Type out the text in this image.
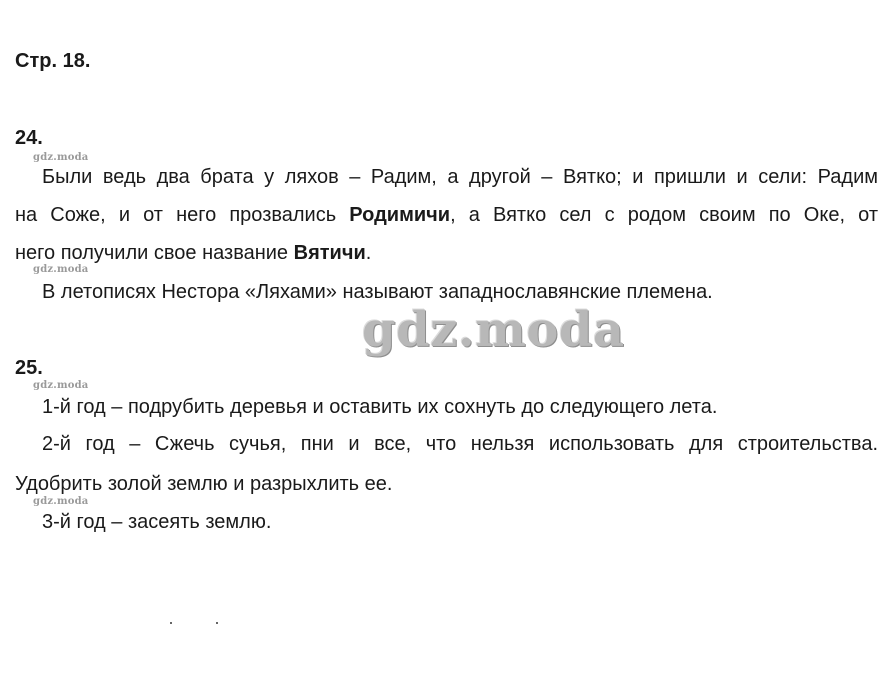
Стр. 18.
24.
gdz.moda
Были ведь два брата у ляхов – Радим, а другой – Вятко; и пришли и сели: Радим
на Соже, и от него прозвались Родимичи, а Вятко сел с родом своим по Оке, от
него получили свое название Вятичи.
gdz.moda
В летописях Нестора «Ляхами» называют западнославянские племена.
gdz.moda
25.
gdz.moda
1-й год – подрубить деревья и оставить их сохнуть до следующего лета.
2-й год – Сжечь сучья, пни и все, что нельзя использовать для строительства.
Удобрить золой землю и разрыхлить ее.
gdz.moda
3-й год – засеять землю.
